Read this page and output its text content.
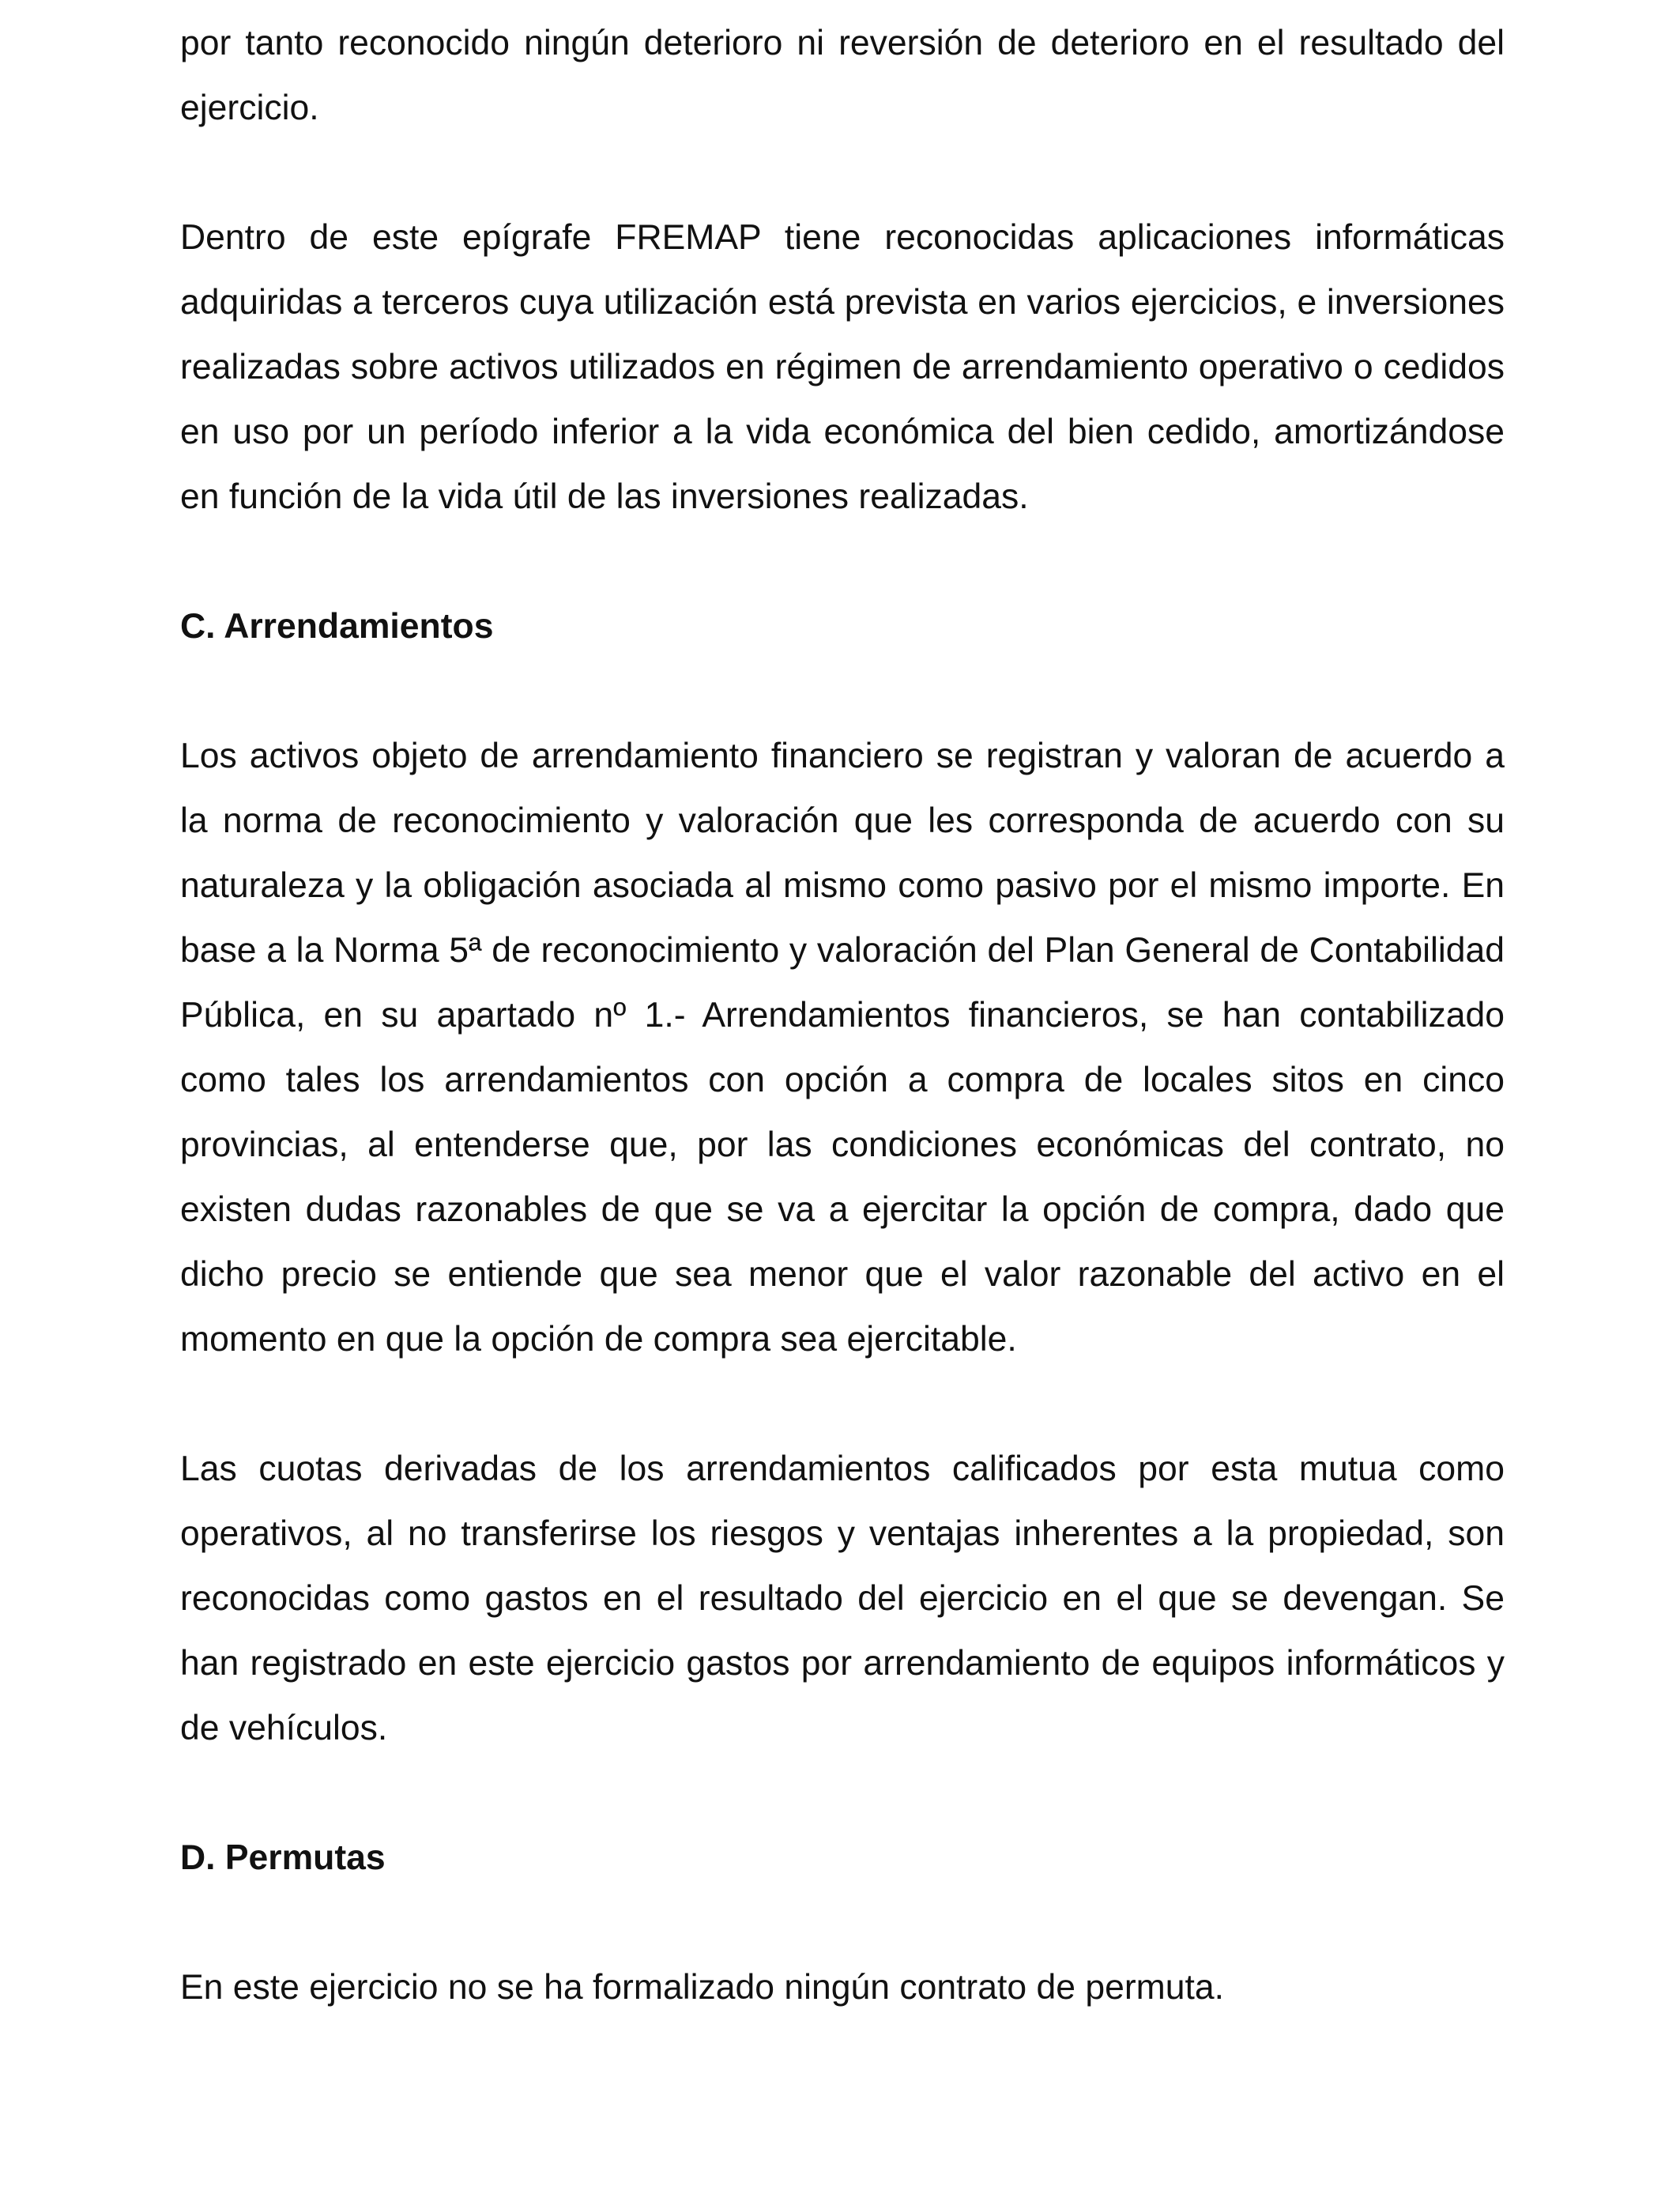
por tanto reconocido ningún deterioro ni reversión de deterioro en el resultado del ejercicio.

Dentro de este epígrafe FREMAP tiene reconocidas aplicaciones informáticas adquiridas a terceros cuya utilización está prevista en varios ejercicios, e inversiones realizadas sobre activos utilizados en régimen de arrendamiento operativo o cedidos en uso por un período inferior a la vida económica del bien cedido, amortizándose en función de la vida útil de las inversiones realizadas.

C. Arrendamientos

Los activos objeto de arrendamiento financiero se registran y valoran de acuerdo a la norma de reconocimiento y valoración que les corresponda de acuerdo con su naturaleza y la obligación asociada al mismo como pasivo por el mismo importe. En base a la Norma 5ª de reconocimiento y valoración del Plan General de Contabilidad Pública, en su apartado nº 1.- Arrendamientos financieros, se han contabilizado como tales los arrendamientos con opción a compra de locales sitos en cinco provincias, al entenderse que, por las condiciones económicas del contrato, no existen dudas razonables de que se va a ejercitar la opción de compra, dado que dicho precio se entiende que sea menor que el valor razonable del activo en el momento en que la opción de compra sea ejercitable.

Las cuotas derivadas de los arrendamientos calificados por esta mutua como operativos, al no transferirse los riesgos y ventajas inherentes a la propiedad, son reconocidas como gastos en el resultado del ejercicio en el que se devengan. Se han registrado en este ejercicio gastos por arrendamiento de equipos informáticos y de vehículos.

D. Permutas

En este ejercicio no se ha formalizado ningún contrato de permuta.
